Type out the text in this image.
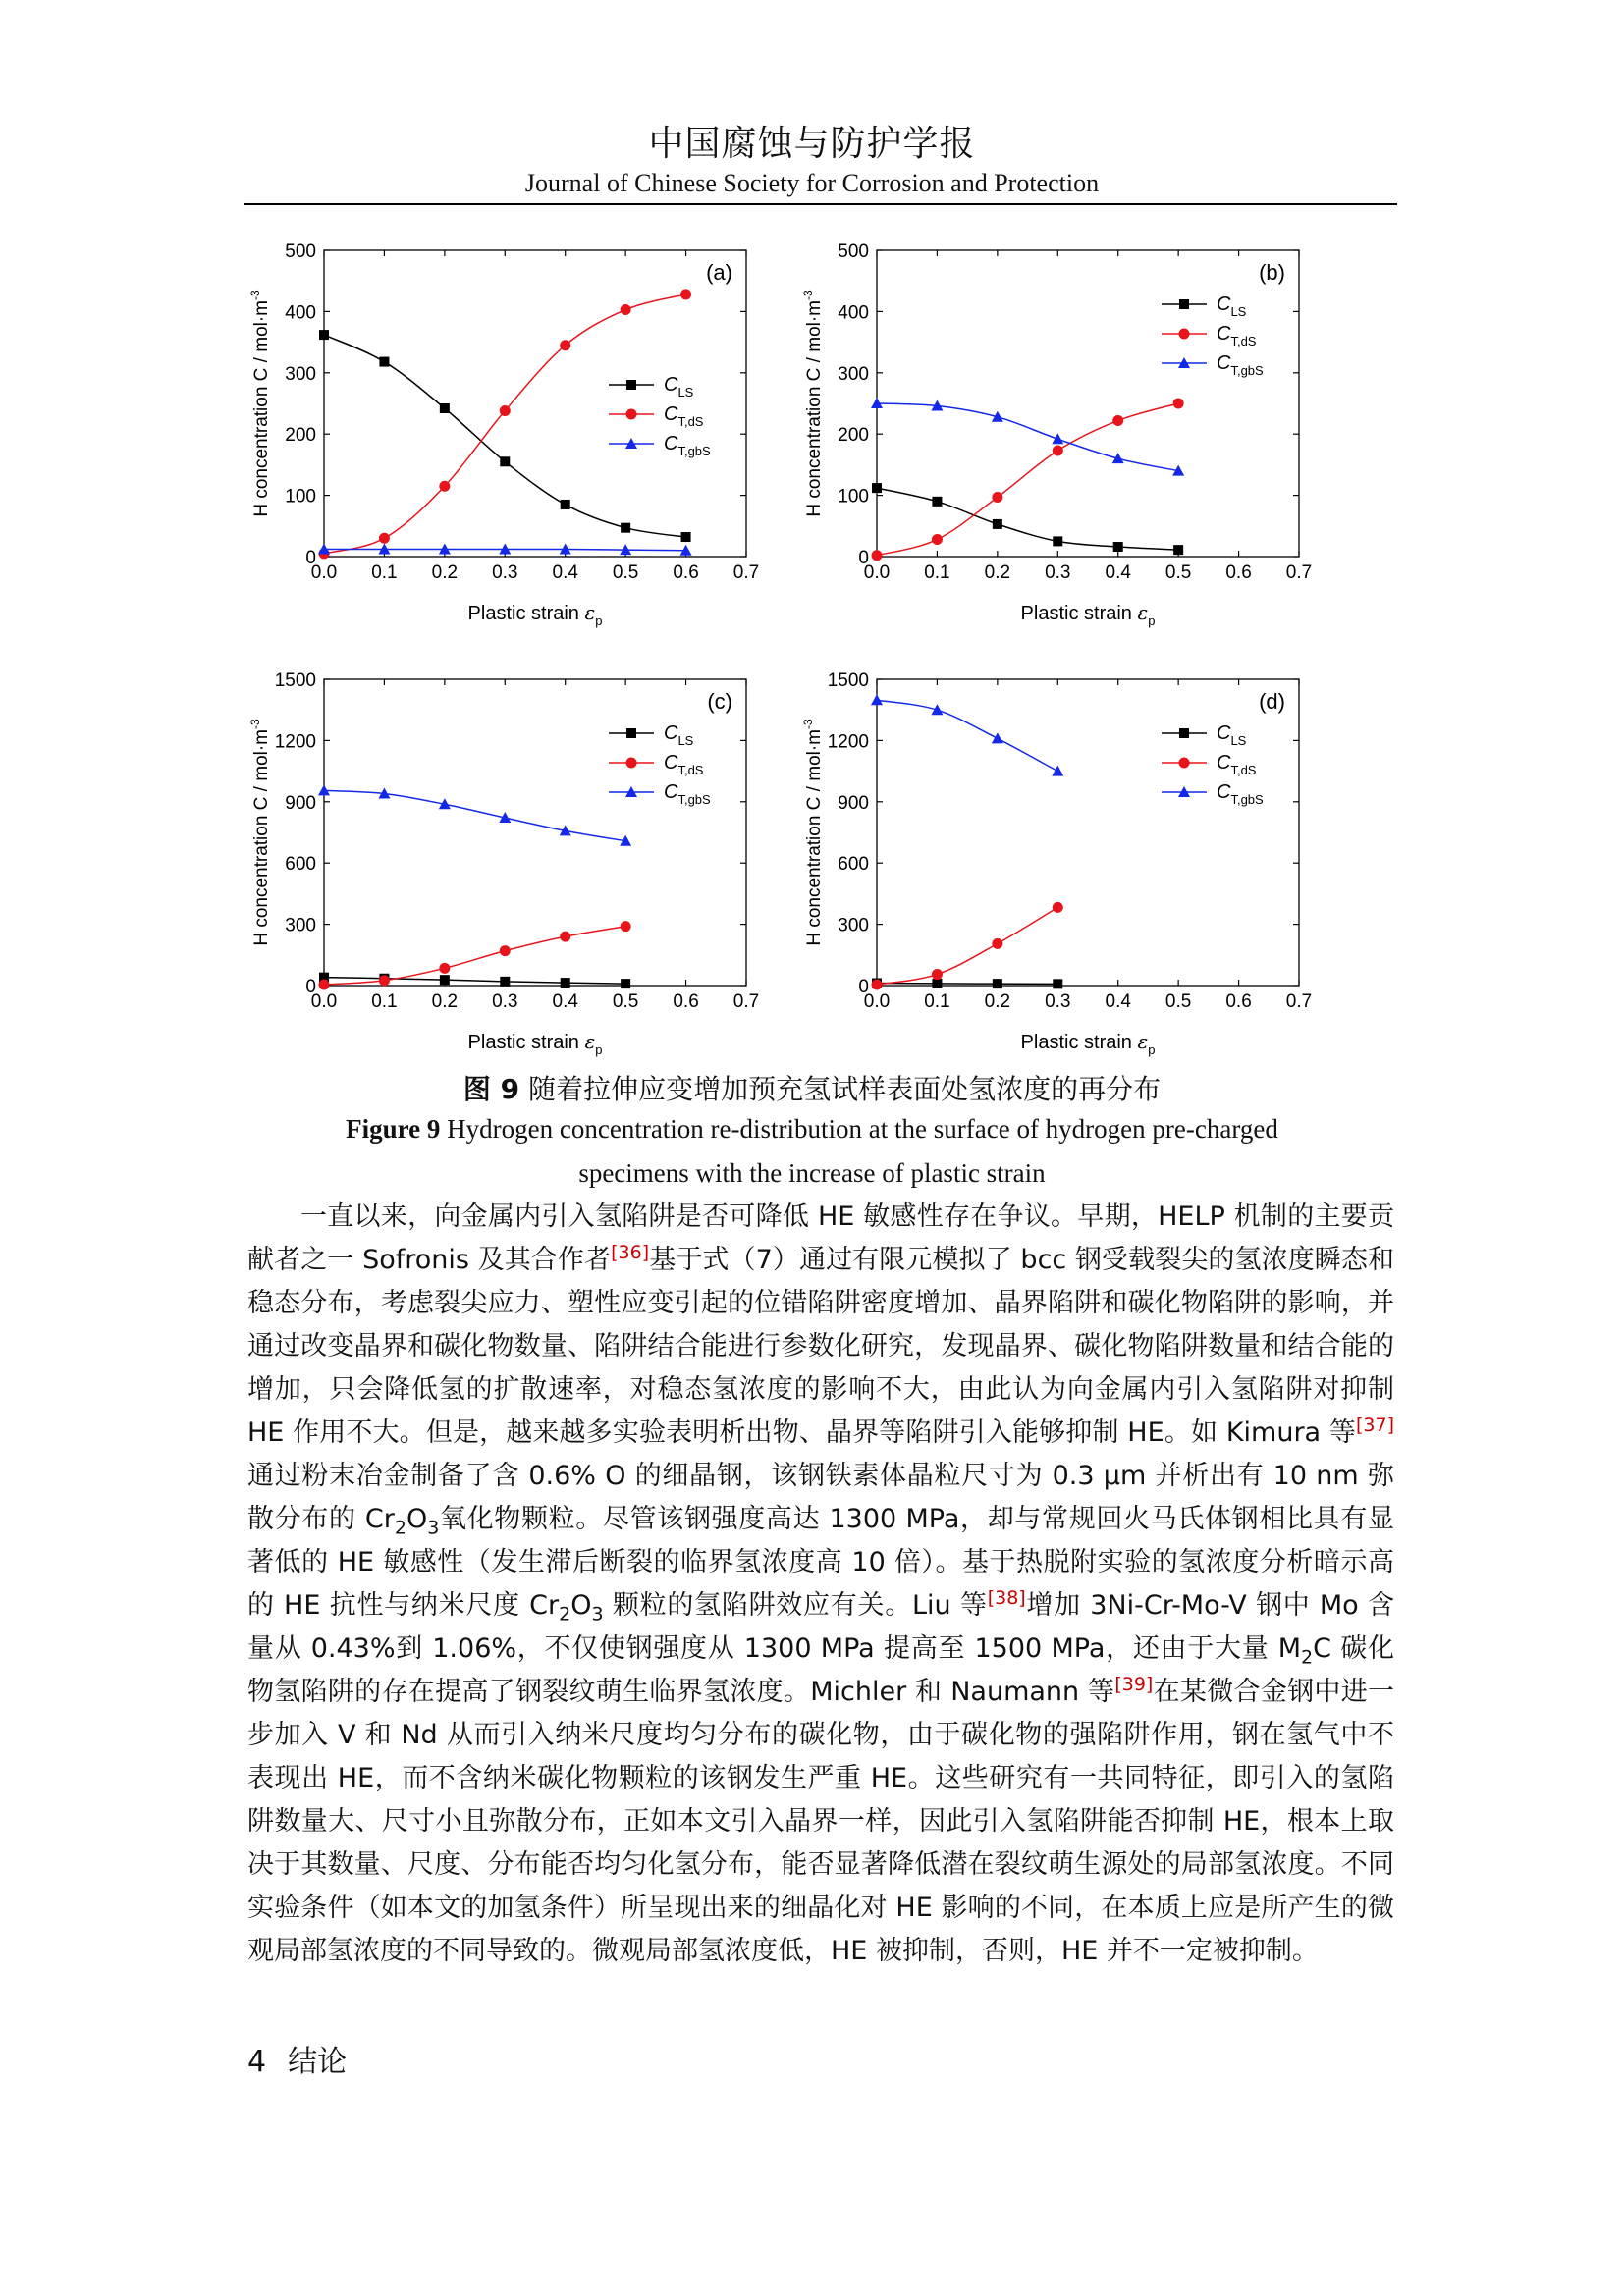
中国腐蚀与防护学报
Journal of Chinese Society for Corrosion and Protection
0.0 0.1 0.2 0.3 0.4 0.5 0.6 0.7
0
100
200
300
400
500
Plastic strain $\varepsilon_p$
H concentration $C / mol\cdot m^{-3}$
(a)
$C_{LS}$
$C_{T,dS}$
$C_{T,gbS}$
0.0 0.1 0.2 0.3 0.4 0.5 0.6 0.7
0
100
200
300
400
500
Plastic strain $\varepsilon_p$
H concentration $C / mol\cdot m^{-3}$
(b)
$C_{LS}$
$C_{T,dS}$
$C_{T,gbS}$
0.0 0.1 0.2 0.3 0.4 0.5 0.6 0.7
0
300
600
900
1200
1500
Plastic strain $\varepsilon_p$
H concentration $C / mol\cdot m^{-3}$
(c)
$C_{LS}$
$C_{T,dS}$
$C_{T,gbS}$
0.0 0.1 0.2 0.3 0.4 0.5 0.6 0.7
0
300
600
900
1200
1500
Plastic strain $\varepsilon_p$
H concentration $C / mol\cdot m^{-3}$
(d)
$C_{LS}$
$C_{T,dS}$
$C_{T,gbS}$
图 9 随着拉伸应变增加预充氢试样表面处氢浓度的再分布
Figure 9 Hydrogen concentration re-distribution at the surface of hydrogen pre-charged
specimens with the increase of plastic strain
一直以来，向金属内引入氢陷阱是否可降低 HE 敏感性存在争议。早期，HELP 机制的主要贡献者之一 Sofronis 及其合作者[36]基于式（7）通过有限元模拟了 bcc 钢受载裂尖的氢浓度瞬态和稳态分布，考虑裂尖应力、塑性应变引起的位错陷阱密度增加、晶界陷阱和碳化物陷阱的影响，并通过改变晶界和碳化物数量、陷阱结合能进行参数化研究，发现晶界、碳化物陷阱数量和结合能的增加，只会降低氢的扩散速率，对稳态氢浓度的影响不大，由此认为向金属内引入氢陷阱对抑制 HE 作用不大。但是，越来越多实验表明析出物、晶界等陷阱引入能够抑制 HE。如 Kimura 等[37]通过粉末冶金制备了含 0.6% O 的细晶钢，该钢铁素体晶粒尺寸为 0.3 μm 并析出有 10 nm 弥散分布的 $Cr_2O_3$氧化物颗粒。尽管该钢强度高达 1300 MPa，却与常规回火马氏体钢相比具有显著低的 HE 敏感性（发生滞后断裂的临界氢浓度高 10 倍）。基于热脱附实验的氢浓度分析暗示高的 HE 抗性与纳米尺度 $Cr_2O_3$ 颗粒的氢陷阱效应有关。Liu 等[38]增加 3Ni-Cr-Mo-V 钢中 Mo 含量从 0.43%到 1.06%，不仅使钢强度从 1300 MPa 提高至 1500 MPa，还由于大量 $M_2C$ 碳化物氢陷阱的存在提高了钢裂纹萌生临界氢浓度。Michler 和 Naumann 等[39]在某微合金钢中进一步加入 V 和 Nd 从而引入纳米尺度均匀分布的碳化物，由于碳化物的强陷阱作用，钢在氢气中不表现出 HE，而不含纳米碳化物颗粒的该钢发生严重 HE。这些研究有一共同特征，即引入的氢陷阱数量大、尺寸小且弥散分布，正如本文引入晶界一样，因此引入氢陷阱能否抑制 HE，根本上取决于其数量、尺度、分布能否均匀化氢分布，能否显著降低潜在裂纹萌生源处的局部氢浓度。不同实验条件（如本文的加氢条件）所呈现出来的细晶化对 HE 影响的不同，在本质上应是所产生的微观局部氢浓度的不同导致的。微观局部氢浓度低，HE 被抑制，否则，HE 并不一定被抑制。
4 结论
